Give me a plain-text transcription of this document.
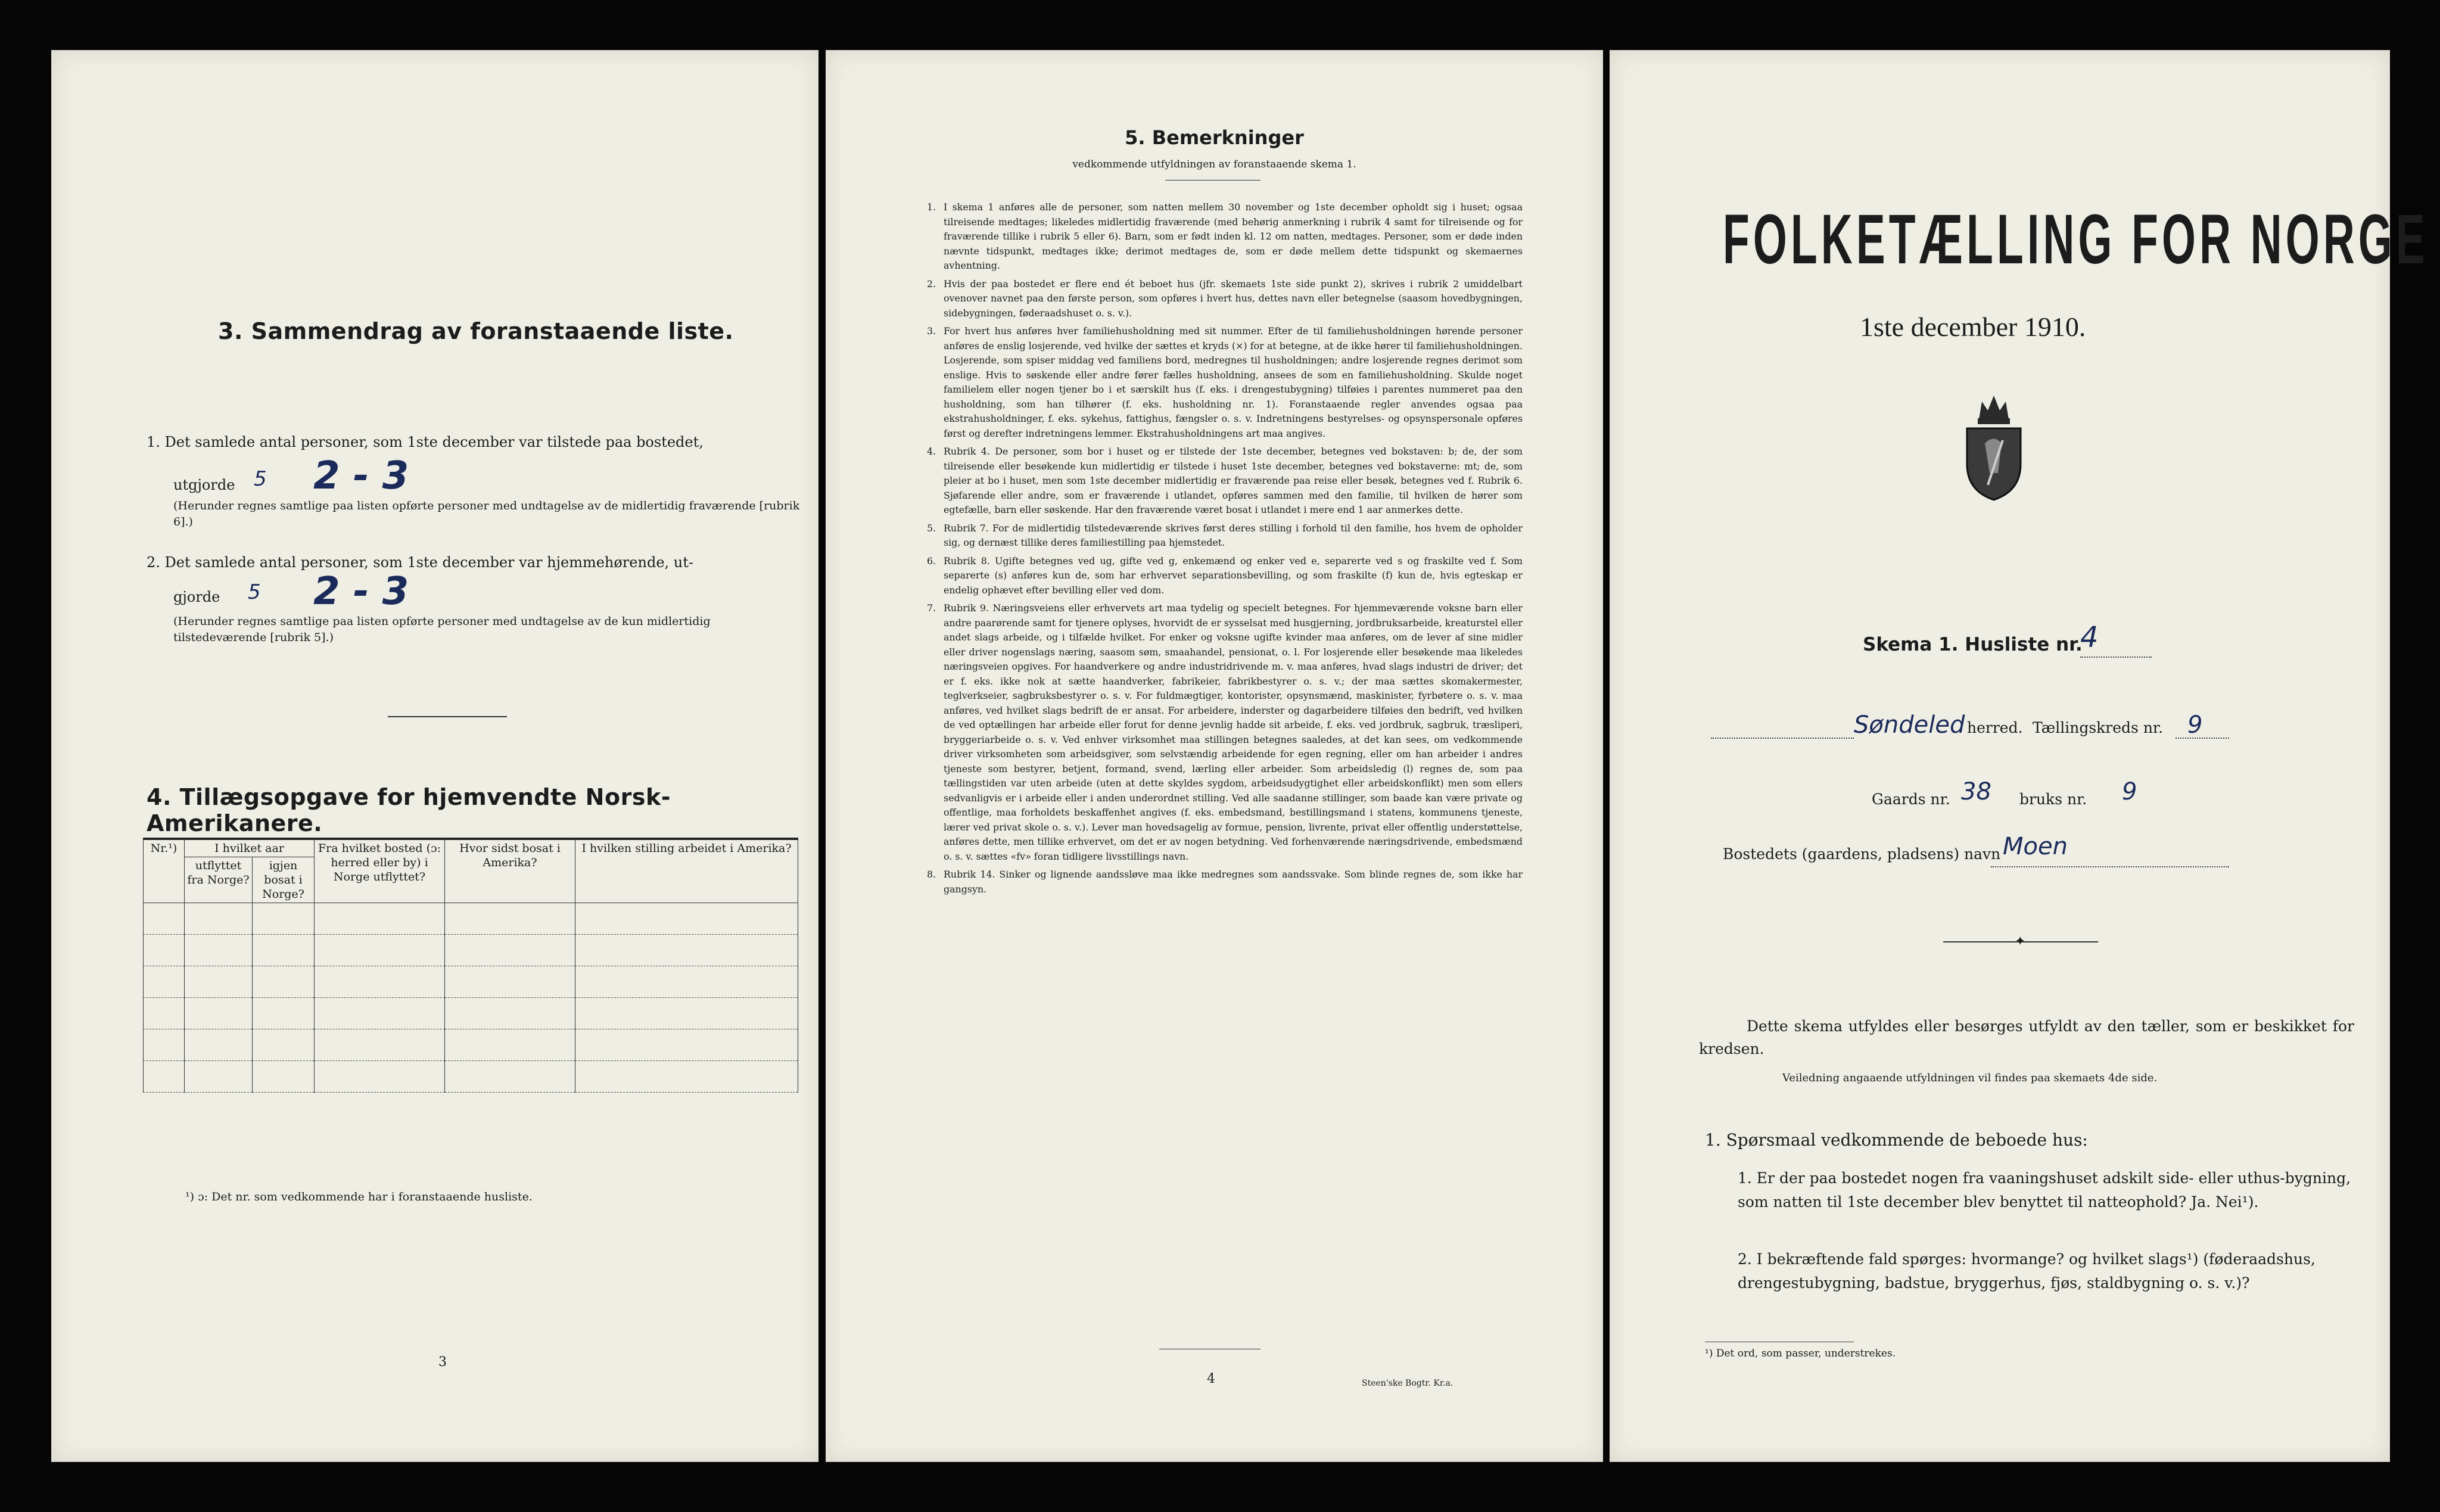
3. Sammendrag av foranstaaende liste.
1. Det samlede antal personer, som 1ste december var tilstede paa bostedet,
utgjorde 5 2 - 3
(Herunder regnes samtlige paa listen opførte personer med undtagelse av de midlertidig fraværende [rubrik 6].)
2. Det samlede antal personer, som 1ste december var hjemmehørende, ut-
gjorde 5 2 - 3
(Herunder regnes samtlige paa listen opførte personer med undtagelse av de kun midlertidig tilstedeværende [rubrik 5].)
4. Tillægsopgave for hjemvendte Norsk-Amerikanere.
Nr.¹)	I hvilket aar		Fra hvilket bosted (ɔ: herred eller by) i Norge utflyttet?	Hvor sidst bosat i Amerika?	I hvilken stilling arbeidet i Amerika?
	utflyttet fra Norge?	igjen bosat i Norge?			

¹) ɔ: Det nr. som vedkommende har i foranstaaende husliste.
3
5. Bemerkninger
vedkommende utfyldningen av foranstaaende skema 1.
1. I skema 1 anføres alle de personer, som natten mellem 30 november og 1ste december opholdt sig i huset; ogsaa tilreisende medtages; likeledes midlertidig fraværende (med behørig anmerkning i rubrik 4 samt for tilreisende og for fraværende tillike i rubrik 5 eller 6). Barn, som er født inden kl. 12 om natten, medtages. Personer, som er døde inden nævnte tidspunkt, medtages ikke; derimot medtages de, som er døde mellem dette tidspunkt og skemaernes avhentning.
2. Hvis der paa bostedet er flere end ét beboet hus (jfr. skemaets 1ste side punkt 2), skrives i rubrik 2 umiddelbart ovenover navnet paa den første person, som opføres i hvert hus, dettes navn eller betegnelse (saasom hovedbygningen, sidebygningen, føderaadshuset o. s. v.).
3. For hvert hus anføres hver familiehusholdning med sit nummer. Efter de til familiehusholdningen hørende personer anføres de enslig losjerende, ved hvilke der sættes et kryds (×) for at betegne, at de ikke hører til familiehusholdningen. Losjerende, som spiser middag ved familiens bord, medregnes til husholdningen; andre losjerende regnes derimot som enslige. Hvis to søskende eller andre fører fælles husholdning, ansees de som en familiehusholdning. Skulde noget familielem eller nogen tjener bo i et særskilt hus (f. eks. i drengestubygning) tilføies i parentes nummeret paa den husholdning, som han tilhører (f. eks. husholdning nr. 1). Foranstaaende regler anvendes ogsaa paa ekstrahusholdninger, f. eks. sykehus, fattighus, fængsler o. s. v. Indretningens bestyrelses- og opsynspersonale opføres først og derefter indretningens lemmer. Ekstrahusholdningens art maa angives.
4. Rubrik 4. De personer, som bor i huset og er tilstede der 1ste december, betegnes ved bokstaven: b; de, der som tilreisende eller besøkende kun midlertidig er tilstede i huset 1ste december, betegnes ved bokstaverne: mt; de, som pleier at bo i huset, men som 1ste december midlertidig er fraværende paa reise eller besøk, betegnes ved f. Rubrik 6. Sjøfarende eller andre, som er fraværende i utlandet, opføres sammen med den familie, til hvilken de hører som egtefælle, barn eller søskende. Har den fraværende været bosat i utlandet i mere end 1 aar anmerkes dette.
5. Rubrik 7. For de midlertidig tilstedeværende skrives først deres stilling i forhold til den familie, hos hvem de opholder sig, og dernæst tillike deres familiestilling paa hjemstedet.
6. Rubrik 8. Ugifte betegnes ved ug, gifte ved g, enkemænd og enker ved e, separerte ved s og fraskilte ved f. Som separerte (s) anføres kun de, som har erhvervet separationsbevilling, og som fraskilte (f) kun de, hvis egteskap er endelig ophævet efter bevilling eller ved dom.
7. Rubrik 9. Næringsveiens eller erhvervets art maa tydelig og specielt betegnes. For hjemmeværende voksne barn eller andre paarørende samt for tjenere oplyses, hvorvidt de er sysselsat med husgjerning, jordbruksarbeide, kreaturstel eller andet slags arbeide, og i tilfælde hvilket. For enker og voksne ugifte kvinder maa anføres, om de lever af sine midler eller driver nogenslags næring, saasom søm, smaahandel, pensionat, o. l. For losjerende eller besøkende maa likeledes næringsveien opgives. For haandverkere og andre industridrivende m. v. maa anføres, hvad slags industri de driver; det er f. eks. ikke nok at sætte haandverker, fabrikeier, fabrikbestyrer o. s. v.; der maa sættes skomakermester, teglverkseier, sagbruksbestyrer o. s. v. For fuldmægtiger, kontorister, opsynsmænd, maskinister, fyrbøtere o. s. v. maa anføres, ved hvilket slags bedrift de er ansat. For arbeidere, inderster og dagarbeidere tilføies den bedrift, ved hvilken de ved optællingen har arbeide eller forut for denne jevnlig hadde sit arbeide, f. eks. ved jordbruk, sagbruk, træsliperi, bryggeriarbeide o. s. v. Ved enhver virksomhet maa stillingen betegnes saaledes, at det kan sees, om vedkommende driver virksomheten som arbeidsgiver, som selvstændig arbeidende for egen regning, eller om han arbeider i andres tjeneste som bestyrer, betjent, formand, svend, lærling eller arbeider. Som arbeidsledig (l) regnes de, som paa tællingstiden var uten arbeide (uten at dette skyldes sygdom, arbeidsudygtighet eller arbeidskonflikt) men som ellers sedvanligvis er i arbeide eller i anden underordnet stilling. Ved alle saadanne stillinger, som baade kan være private og offentlige, maa forholdets beskaffenhet angives (f. eks. embedsmand, bestillingsmand i statens, kommunens tjeneste, lærer ved privat skole o. s. v.). Lever man hovedsagelig av formue, pension, livrente, privat eller offentlig understøttelse, anføres dette, men tillike erhvervet, om det er av nogen betydning. Ved forhenværende næringsdrivende, embedsmænd o. s. v. sættes «fv» foran tidligere livsstillings navn.
8. Rubrik 14. Sinker og lignende aandssløve maa ikke medregnes som aandssvake. Som blinde regnes de, som ikke har gangsyn.
4	Steen'ske Bogtr. Kr.a.
FOLKETÆLLING FOR NORGE
1ste december 1910.
Skema 1. Husliste nr.
4
Søndeled herred. Tællingskreds nr. 9
Gaards nr. 38 bruks nr. 9
Bostedets (gaardens, pladsens) navn Moen
✦
Dette skema utfyldes eller besørges utfyldt av den tæller, som er beskikket for kredsen.
Veiledning angaaende utfyldningen vil findes paa skemaets 4de side.
1. Spørsmaal vedkommende de beboede hus:
1. Er der paa bostedet nogen fra vaaningshuset adskilt side- eller uthus-bygning, som natten til 1ste december blev benyttet til natteophold? Ja. Nei¹).
2. I bekræftende fald spørges: hvormange? og hvilket slags¹) (føderaadshus, drengestubygning, badstue, bryggerhus, fjøs, staldbygning o. s. v.)?
¹) Det ord, som passer, understrekes.
